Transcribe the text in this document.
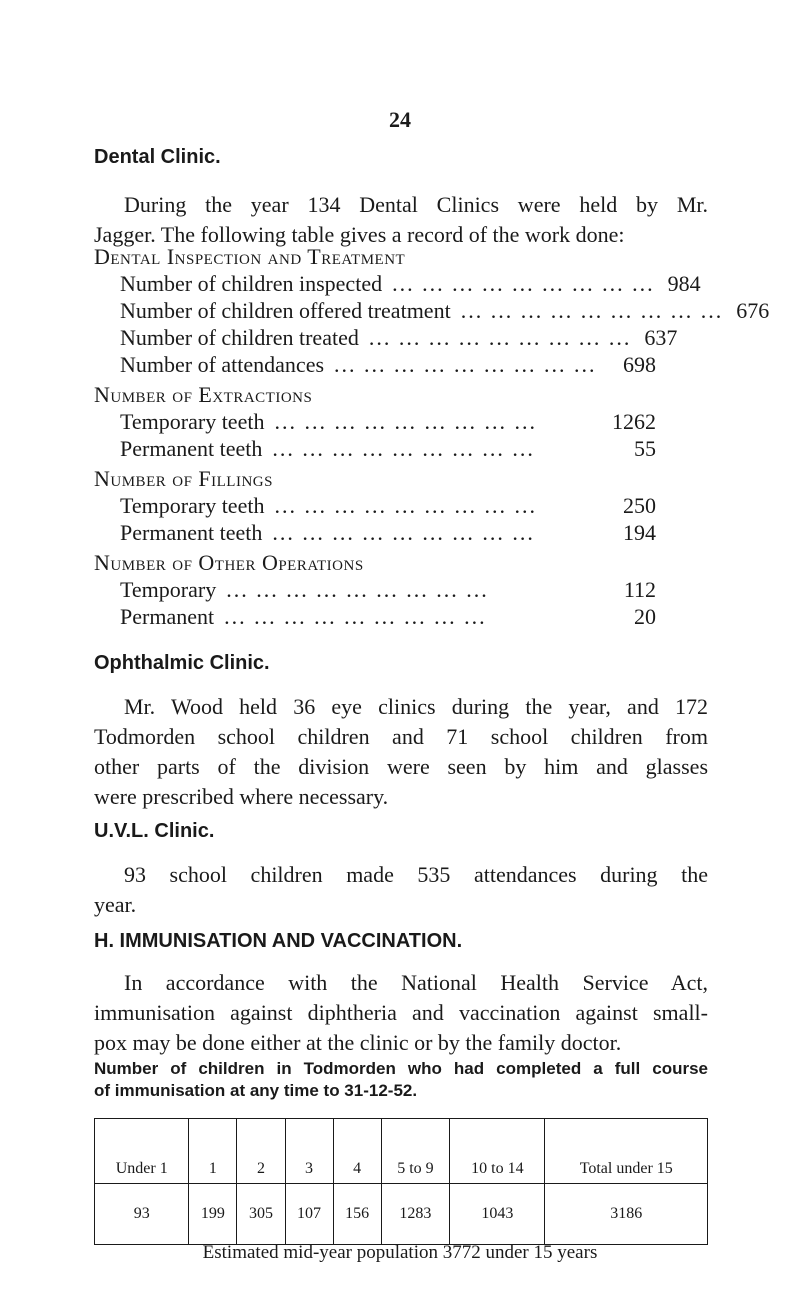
24
Dental Clinic.
During the year 134 Dental Clinics were held by Mr.
Jagger. The following table gives a record of the work done:
Dental Inspection and Treatment
Number of children inspected ... ... ... ... ... ... ... ... ... 984
Number of children offered treatment ... ... ... ... ... ... ... ... ... 676
Number of children treated ... ... ... ... ... ... ... ... ... 637
Number of attendances ... ... ... ... ... ... ... ... ...	698
Number of Extractions
Temporary teeth ... ... ... ... ... ... ... ... ...	1262
Permanent teeth ... ... ... ... ... ... ... ... ...	55
Number of Fillings
Temporary teeth ... ... ... ... ... ... ... ... ...	250
Permanent teeth ... ... ... ... ... ... ... ... ...	194
Number of Other Operations
Temporary ... ... ... ... ... ... ... ... ...	112
Permanent ... ... ... ... ... ... ... ... ...	20
Ophthalmic Clinic.
Mr. Wood held 36 eye clinics during the year, and 172
Todmorden school children and 71 school children from
other parts of the division were seen by him and glasses
were prescribed where necessary.
U.V.L. Clinic.
93 school children made 535 attendances during the
year.
H. IMMUNISATION AND VACCINATION.
In accordance with the National Health Service Act,
immunisation against diphtheria and vaccination against small-
pox may be done either at the clinic or by the family doctor.
Number of children in Todmorden who had completed a full course
of immunisation at any time to 31-12-52.
Under 1	1	2	3	4	5 to 9	10 to 14	Total under 15
93	199	305	107	156	1283	1043	3186
Estimated mid-year population 3772 under 15 years
